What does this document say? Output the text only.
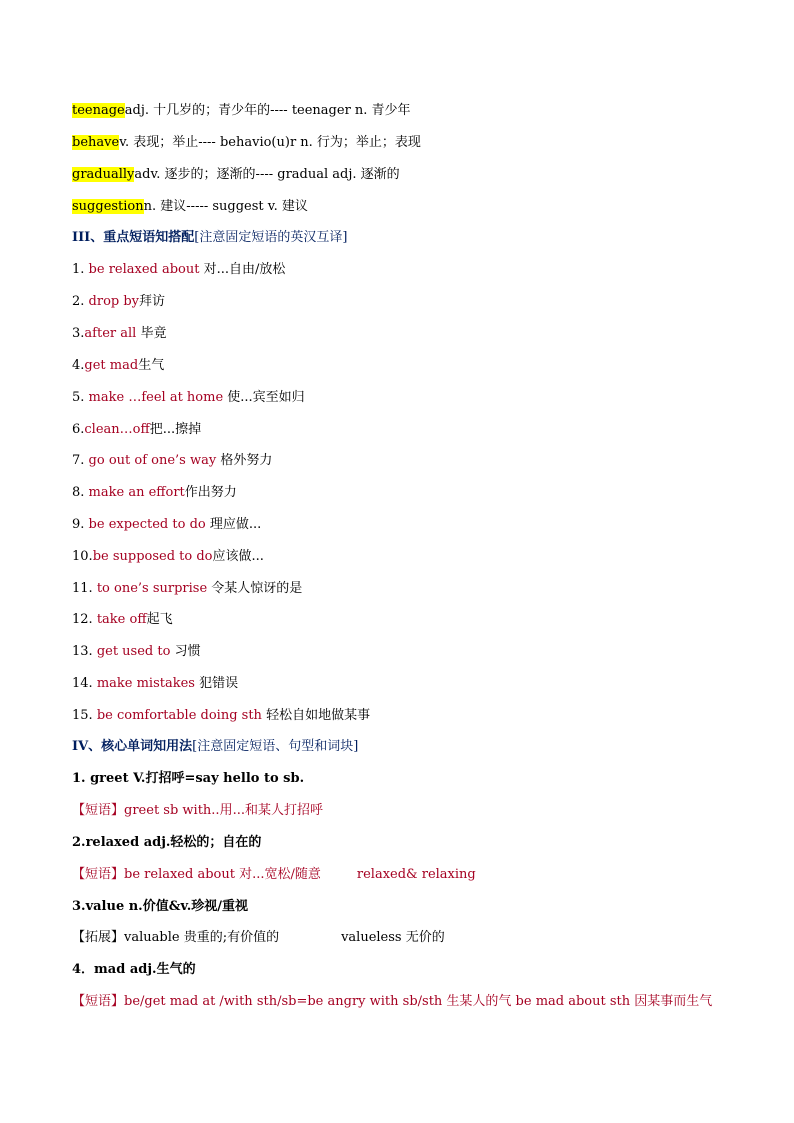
teenageadj. 十几岁的；青少年的---- teenager n. 青少年
behavev. 表现；举止---- behavio(u)r n. 行为；举止；表现
graduallyadv. 逐步的；逐渐的---- gradual adj. 逐渐的
suggestionn. 建议----- suggest v. 建议
III、重点短语知搭配[注意固定短语的英汉互译]
1. be relaxed about 对...自由/放松
2. drop by拜访
3.after all 毕竟
4.get mad生气
5. make …feel at home 使...宾至如归
6.clean…off把...擦掉
7. go out of one’s way 格外努力
8. make an effort作出努力
9. be expected to do 理应做...
10.be supposed to do应该做...
11. to one’s surprise 令某人惊讶的是
12. take off起飞
13. get used to 习惯
14. make mistakes 犯错误
15. be comfortable doing sth 轻松自如地做某事
IV、核心单词知用法[注意固定短语、句型和词块]
1. greet V.打招呼=say hello to sb.
【短语】greet sb with..用...和某人打招呼
2.relaxed adj.轻松的；自在的
【短语】be relaxed about 对...宽松/随意	relaxed& relaxing
3.value n.价值&v.珍视/重视
【拓展】valuable 贵重的;有价值的	valueless 无价的
4．mad adj.生气的
【短语】be/get mad at /with sth/sb=be angry with sb/sth 生某人的气 be mad about sth 因某事而生气
